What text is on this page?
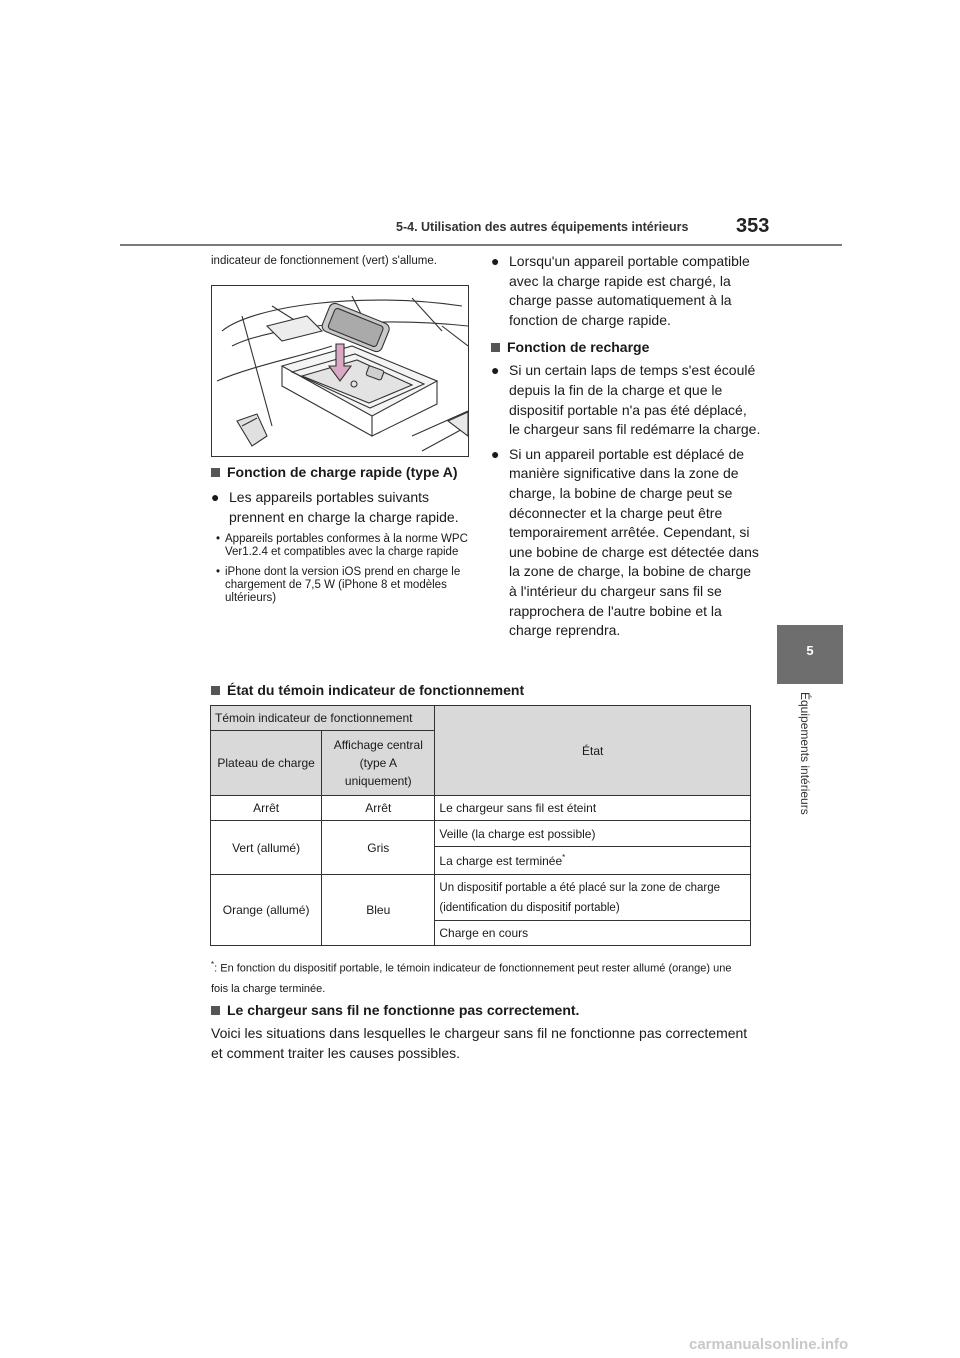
5-4. Utilisation des autres équipements intérieurs 353
5
Équipements intérieurs

indicateur de fonctionnement (vert) s'allume.

Fonction de charge rapide (type A)
● Les appareils portables suivants prennent en charge la charge rapide.
• Appareils portables conformes à la norme WPC Ver1.2.4 et compatibles avec la charge rapide
• iPhone dont la version iOS prend en charge le chargement de 7,5 W (iPhone 8 et modèles ultérieurs)
● Lorsqu'un appareil portable compatible avec la charge rapide est chargé, la charge passe automatiquement à la fonction de charge rapide.
Fonction de recharge
● Si un certain laps de temps s'est écoulé depuis la fin de la charge et que le dispositif portable n'a pas été déplacé, le chargeur sans fil redémarre la charge.
● Si un appareil portable est déplacé de manière significative dans la zone de charge, la bobine de charge peut se déconnecter et la charge peut être temporairement arrêtée. Cependant, si une bobine de charge est détectée dans la zone de charge, la bobine de charge à l'intérieur du chargeur sans fil se rapprochera de l'autre bobine et la charge reprendra.
État du témoin indicateur de fonctionnement
Témoin indicateur de fonctionnement		État
Plateau de charge	Affichage central (type A uniquement)	
Arrêt	Arrêt	Le chargeur sans fil est éteint
Vert (allumé)	Gris	Veille (la charge est possible)
		La charge est terminée*
Orange (allumé)	Bleu	Un dispositif portable a été placé sur la zone de charge (identification du dispositif portable)
		Charge en cours
*: En fonction du dispositif portable, le témoin indicateur de fonctionnement peut rester allumé (orange) une fois la charge terminée.
Le chargeur sans fil ne fonctionne pas correctement.
Voici les situations dans lesquelles le chargeur sans fil ne fonctionne pas correctement et comment traiter les causes possibles.
carmanualsonline.info
